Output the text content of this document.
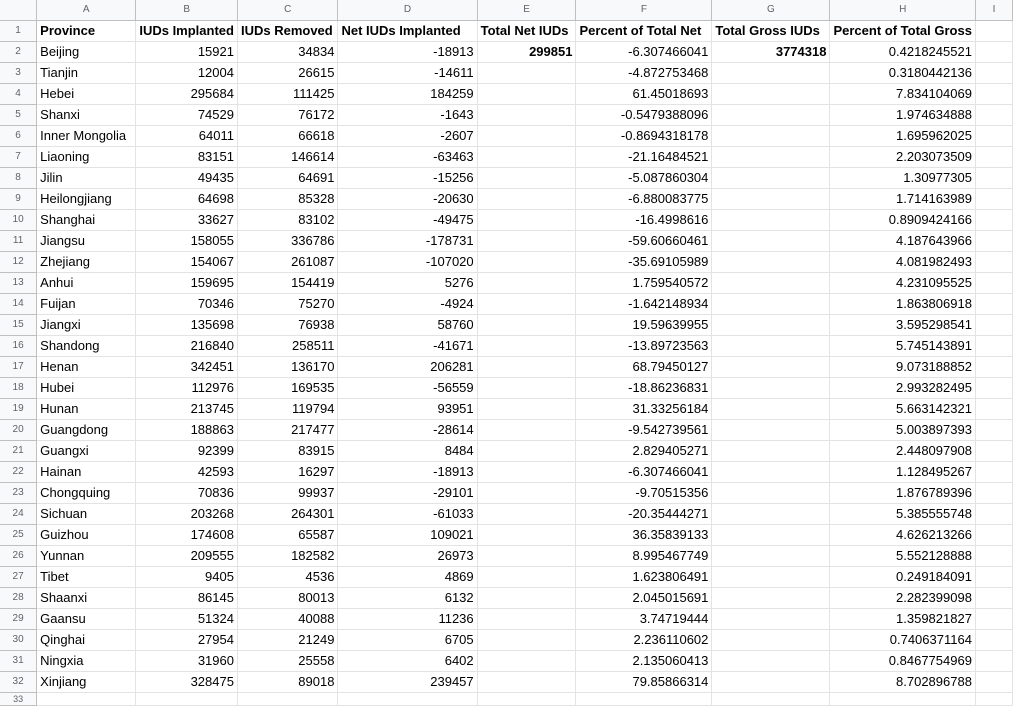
	A	B	C	D	E	F	G	H	I
1	Province	IUDs Implanted	IUDs Removed	Net IUDs Implanted	Total Net IUDs	Percent of Total Net	Total Gross IUDs	Percent of Total Gross	
2	Beijing	15921	34834	-18913	299851	-6.307466041	3774318	0.4218245521	
3	Tianjin	12004	26615	-14611		-4.872753468		0.3180442136	
4	Hebei	295684	111425	184259		61.45018693		7.834104069	
5	Shanxi	74529	76172	-1643		-0.5479388096		1.974634888	
6	Inner Mongolia	64011	66618	-2607		-0.8694318178		1.695962025	
7	Liaoning	83151	146614	-63463		-21.16484521		2.203073509	
8	Jilin	49435	64691	-15256		-5.087860304		1.30977305	
9	Heilongjiang	64698	85328	-20630		-6.880083775		1.714163989	
10	Shanghai	33627	83102	-49475		-16.4998616		0.8909424166	
11	Jiangsu	158055	336786	-178731		-59.60660461		4.187643966	
12	Zhejiang	154067	261087	-107020		-35.69105989		4.081982493	
13	Anhui	159695	154419	5276		1.759540572		4.231095525	
14	Fuijan	70346	75270	-4924		-1.642148934		1.863806918	
15	Jiangxi	135698	76938	58760		19.59639955		3.595298541	
16	Shandong	216840	258511	-41671		-13.89723563		5.745143891	
17	Henan	342451	136170	206281		68.79450127		9.073188852	
18	Hubei	112976	169535	-56559		-18.86236831		2.993282495	
19	Hunan	213745	119794	93951		31.33256184		5.663142321	
20	Guangdong	188863	217477	-28614		-9.542739561		5.003897393	
21	Guangxi	92399	83915	8484		2.829405271		2.448097908	
22	Hainan	42593	16297	-18913		-6.307466041		1.128495267	
23	Chongquing	70836	99937	-29101		-9.70515356		1.876789396	
24	Sichuan	203268	264301	-61033		-20.35444271		5.385555748	
25	Guizhou	174608	65587	109021		36.35839133		4.626213266	
26	Yunnan	209555	182582	26973		8.995467749		5.552128888	
27	Tibet	9405	4536	4869		1.623806491		0.249184091	
28	Shaanxi	86145	80013	6132		2.045015691		2.282399098	
29	Gaansu	51324	40088	11236		3.74719444		1.359821827	
30	Qinghai	27954	21249	6705		2.236110602		0.7406371164	
31	Ningxia	31960	25558	6402		2.135060413		0.8467754969	
32	Xinjiang	328475	89018	239457		79.85866314		8.702896788	
33									
